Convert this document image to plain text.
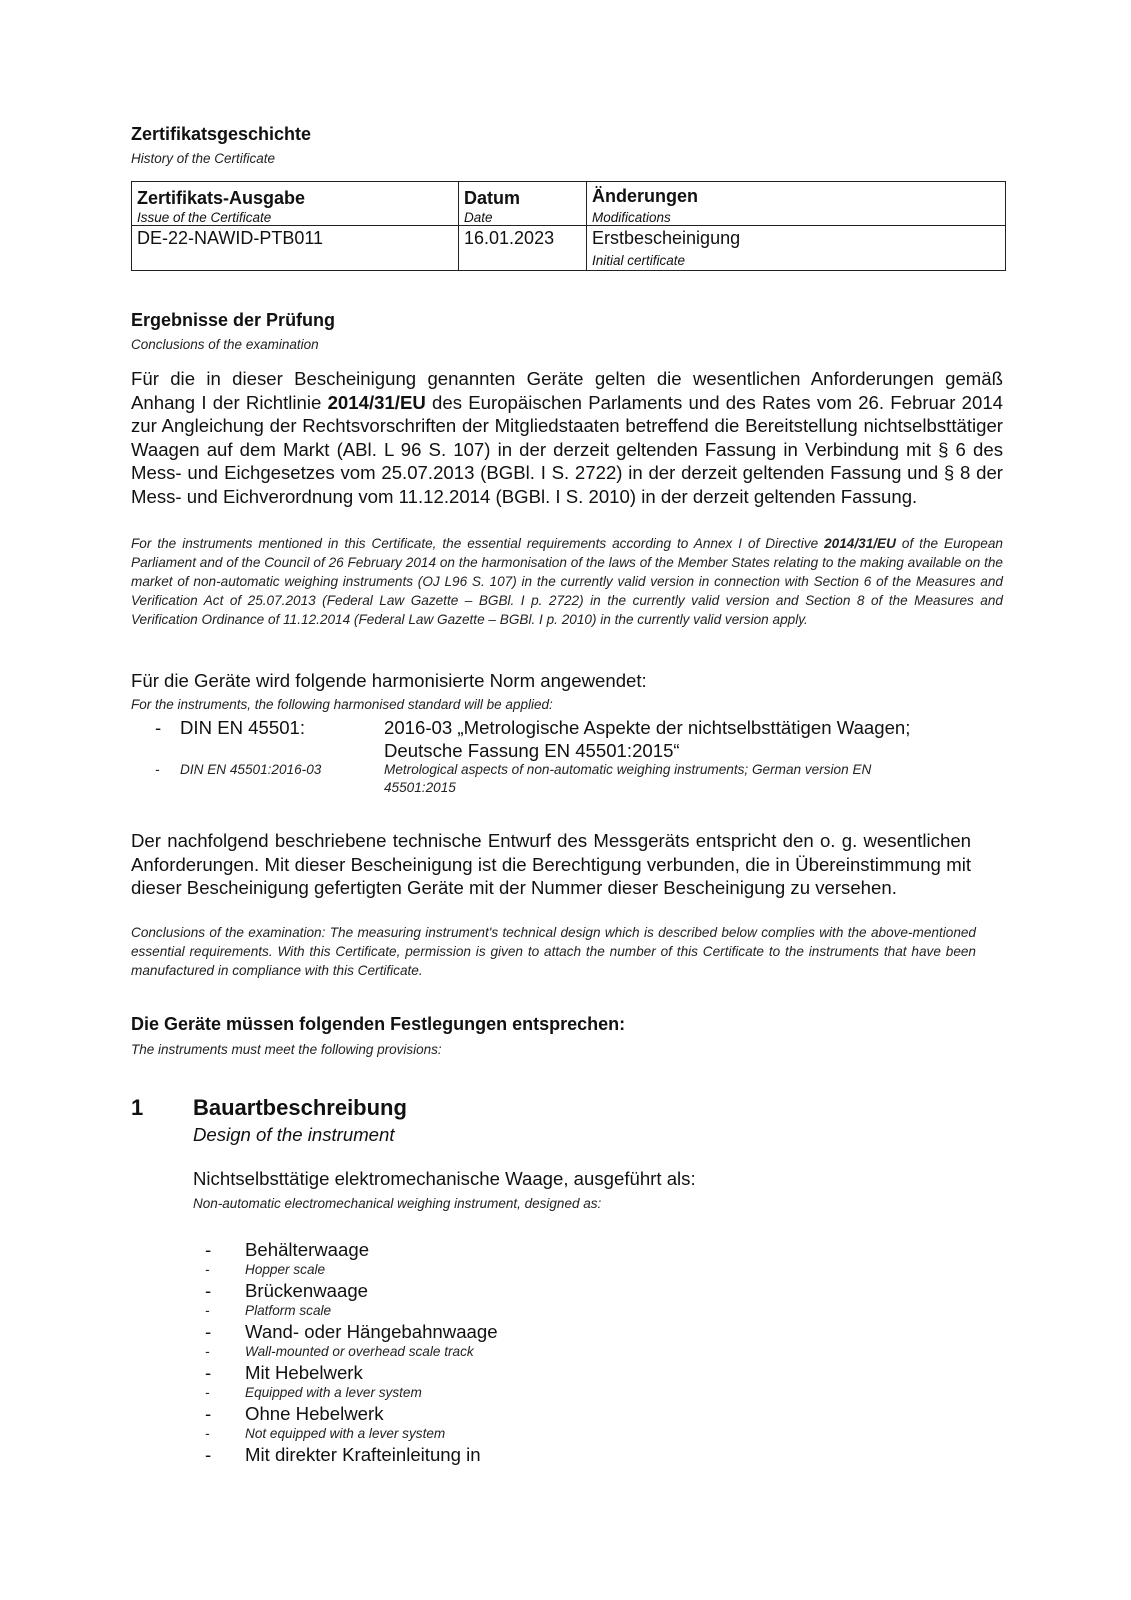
Zertifikatsgeschichte
History of the Certificate
Zertifikats-Ausgabe	Datum	Änderungen

Issue of the Certificate	Date	Modifications

DE-22-NAWID-PTB011	16.01.2023	Erstbescheinigung
Initial certificate
Ergebnisse der Prüfung
Conclusions of the examination
Für die in dieser Bescheinigung genannten Geräte gelten die wesentlichen Anforderungen gemäß Anhang I der Richtlinie 2014/31/EU des Europäischen Parlaments und des Rates vom 26. Februar 2014 zur Angleichung der Rechtsvorschriften der Mitgliedstaaten betreffend die Bereitstellung nichtselbsttätiger Waagen auf dem Markt (ABl. L 96 S. 107) in der derzeit geltenden Fassung in Verbindung mit § 6 des Mess- und Eichgesetzes vom 25.07.2013 (BGBl. I S. 2722) in der derzeit geltenden Fassung und § 8 der Mess- und Eichverordnung vom 11.12.2014 (BGBl. I S. 2010) in der derzeit geltenden Fassung.
For the instruments mentioned in this Certificate, the essential requirements according to Annex I of Directive 2014/31/EU of the European Parliament and of the Council of 26 February 2014 on the harmonisation of the laws of the Member States relating to the making available on the market of non-automatic weighing instruments (OJ L96 S. 107) in the currently valid version in connection with Section 6 of the Measures and Verification Act of 25.07.2013 (Federal Law Gazette – BGBl. I p. 2722) in the currently valid version and Section 8 of the Measures and Verification Ordinance of 11.12.2014 (Federal Law Gazette – BGBl. I p. 2010) in the currently valid version apply.
Für die Geräte wird folgende harmonisierte Norm angewendet:
For the instruments, the following harmonised standard will be applied:
- DIN EN 45501:	2016-03 „Metrologische Aspekte der nichtselbsttätigen Waagen;
Deutsche Fassung EN 45501:2015“
- DIN EN 45501:2016-03	Metrological aspects of non-automatic weighing instruments; German version EN
45501:2015
Der nachfolgend beschriebene technische Entwurf des Messgeräts entspricht den o. g. wesentlichen Anforderungen. Mit dieser Bescheinigung ist die Berechtigung verbunden, die in Übereinstimmung mit dieser Bescheinigung gefertigten Geräte mit der Nummer dieser Bescheinigung zu versehen.
Conclusions of the examination: The measuring instrument's technical design which is described below complies with the above-mentioned essential requirements. With this Certificate, permission is given to attach the number of this Certificate to the instruments that have been manufactured in compliance with this Certificate.
Die Geräte müssen folgenden Festlegungen entsprechen:
The instruments must meet the following provisions:
1 Bauartbeschreibung
Design of the instrument
Nichtselbsttätige elektromechanische Waage, ausgeführt als:
Non-automatic electromechanical weighing instrument, designed as:
- Behälterwaage
-	Hopper scale
- Brückenwaage
-	Platform scale
- Wand- oder Hängebahnwaage
-	Wall-mounted or overhead scale track
- Mit Hebelwerk
-	Equipped with a lever system
- Ohne Hebelwerk
-	Not equipped with a lever system
- Mit direkter Krafteinleitung in
